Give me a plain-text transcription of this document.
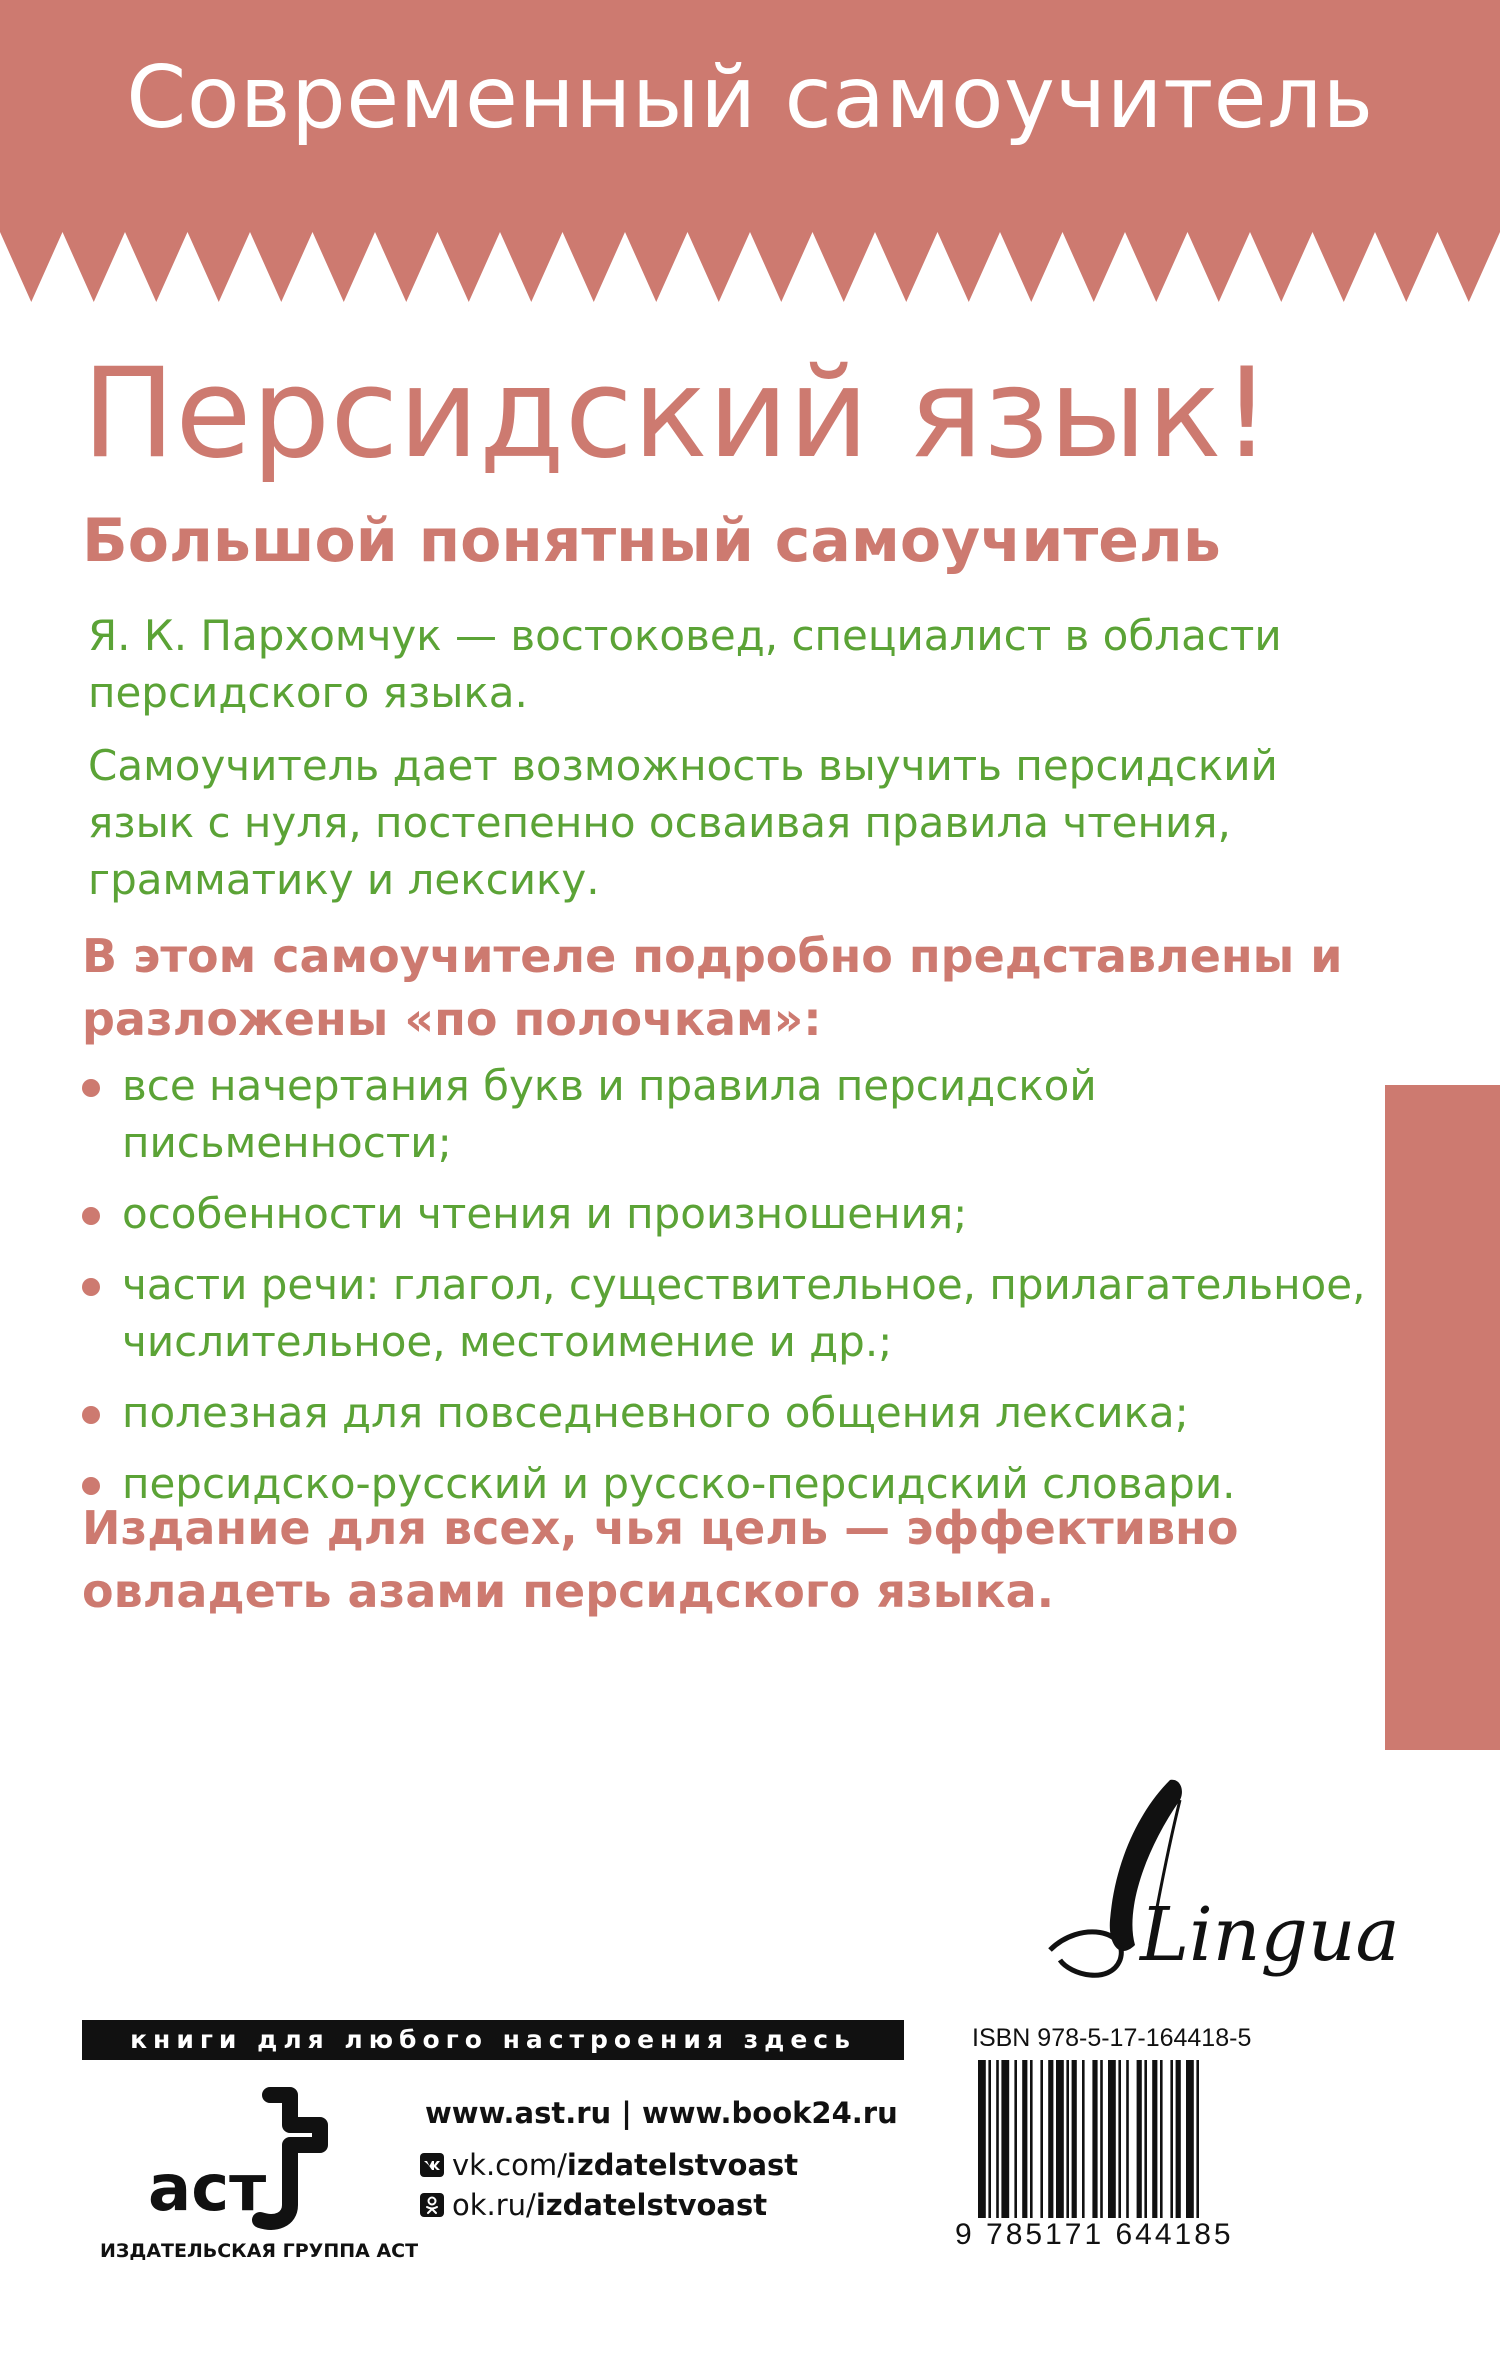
Современный самоучитель
Персидский язык!
Большой понятный самоучитель
Я. К. Пархомчук — востоковед, специалист в области персидского языка.
Самоучитель дает возможность выучить персидский язык с нуля, постепенно осваивая правила чтения, грамматику и лексику.
В этом самоучителе подробно представлены и разложены «по полочкам»:
все начертания букв и правила персидской письменности;
особенности чтения и произношения;
части речи: глагол, существительное, прилагательное, числительное, местоимение и др.;
полезная для повседневного общения лексика;
персидско-русский и русско-персидский словари.
Издание для всех, чья цель — эффективно овладеть азами персидского языка.
Lingua
книги для любого настроения здесь
аст
ИЗДАТЕЛЬСКАЯ ГРУППА АСТ
www.ast.ru | www.book24.ru
vk.com/ izdatelstvoast
ok.ru/ izdatelstvoast
ISBN 978-5-17-164418-5
9 785171 644185
